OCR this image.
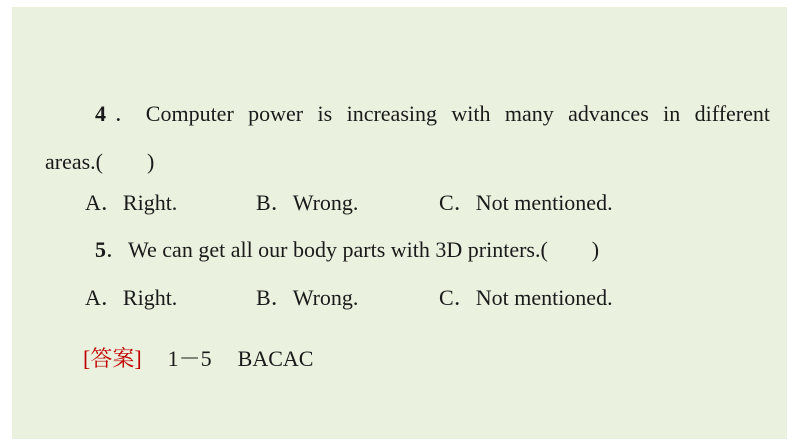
4．Computer power is increasing with many advances in different
areas.(　　)
A．Right.	B．Wrong.	C．Not mentioned.
5．We can get all our body parts with 3D printers.(　　)
A．Right.	B．Wrong.	C．Not mentioned.
[答案] 1－5 BACAC
